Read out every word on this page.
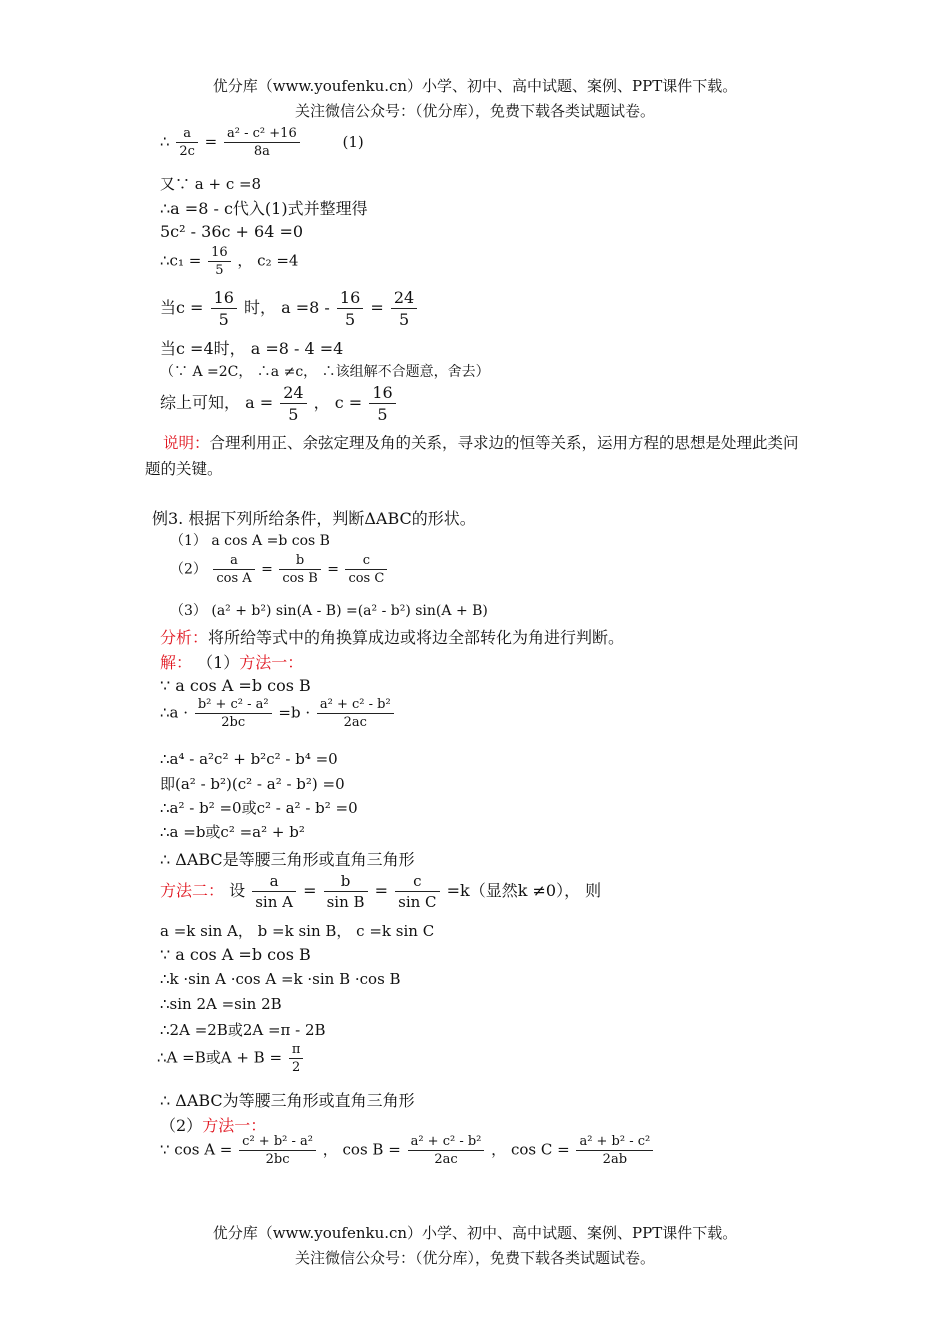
优分库（www.youfenku.cn）小学、初中、高中试题、案例、PPT课件下载。
关注微信公众号：（优分库），免费下载各类试题试卷。
∴ $\frac{a}{2c} = \frac{\text{a² - c² +16}}{8a}$	(1)
又∵ a + c =8
∴a =8 - c代入(1)式并整理得
5c² - 36c + 64 =0
∴c₁ = $\frac{16}{5}$ ， c₂ =4
当$c = \frac{16}{5}$ 时， $a =8 - \frac{16}{5} = \frac{24}{5}$
当c =4时， a =8 - 4 =4
（∵ A =2C， ∴a ≠c， ∴该组解不合题意，舍去）
综上可知， $a = \frac{24}{5}$ ， $c = \frac{16}{5}$
说明：合理利用正、余弦定理及角的关系，寻求边的恒等关系，运用方程的思想是处理此类问题的关键。
例3. 根据下列所给条件，判断ΔABC的形状。
（1） a cos A =b cos B
$(2) \frac{a}{\text{cos A}} = \frac{b}{\text{cos B}} = \frac{c}{\text{cos C}}$
（3） (a² + b²) sin(A - B) =(a² - b²) sin(A + B)
分析：将所给等式中的角换算成边或将边全部转化为角进行判断。
解： （1）方法一：
∵ a cos A =b cos B
∴a · $\frac{\text{b² + c² - a²}}{2bc} =b \cdot \frac{\text{a² + c² - b²}}{2ac}$
∴a⁴ - a²c² + b²c² - b⁴ =0
即(a² - b²)(c² - a² - b²) =0
∴a² - b² =0或c² - a² - b² =0
∴a =b或c² =a² + b²
∴ ΔABC是等腰三角形或直角三角形
方法二： 设 $\frac{a}{\text{sin A}} = \frac{b}{\text{sin B}} = \frac{c}{\text{sin C}} =k$（显然k ≠0）， 则
a =k sin A， b =k sin B， c =k sin C
∵ a cos A =b cos B
∴k ·sin A ·cos A =k ·sin B ·cos B
∴sin 2A =sin 2B
∴2A =2B或2A =π - 2B
∴A =B或$A + B = \frac{\pi}{2}$
∴ ΔABC为等腰三角形或直角三角形
（2）方法一：
∵ $\cos A = \frac{\text{c² + b² - a²}}{2bc}$ ， $\cos B = \frac{\text{a² + c² - b²}}{2ac}$ ， $\cos C = \frac{\text{a² + b² - c²}}{2ab}$
优分库（www.youfenku.cn）小学、初中、高中试题、案例、PPT课件下载。
关注微信公众号：（优分库），免费下载各类试题试卷。
